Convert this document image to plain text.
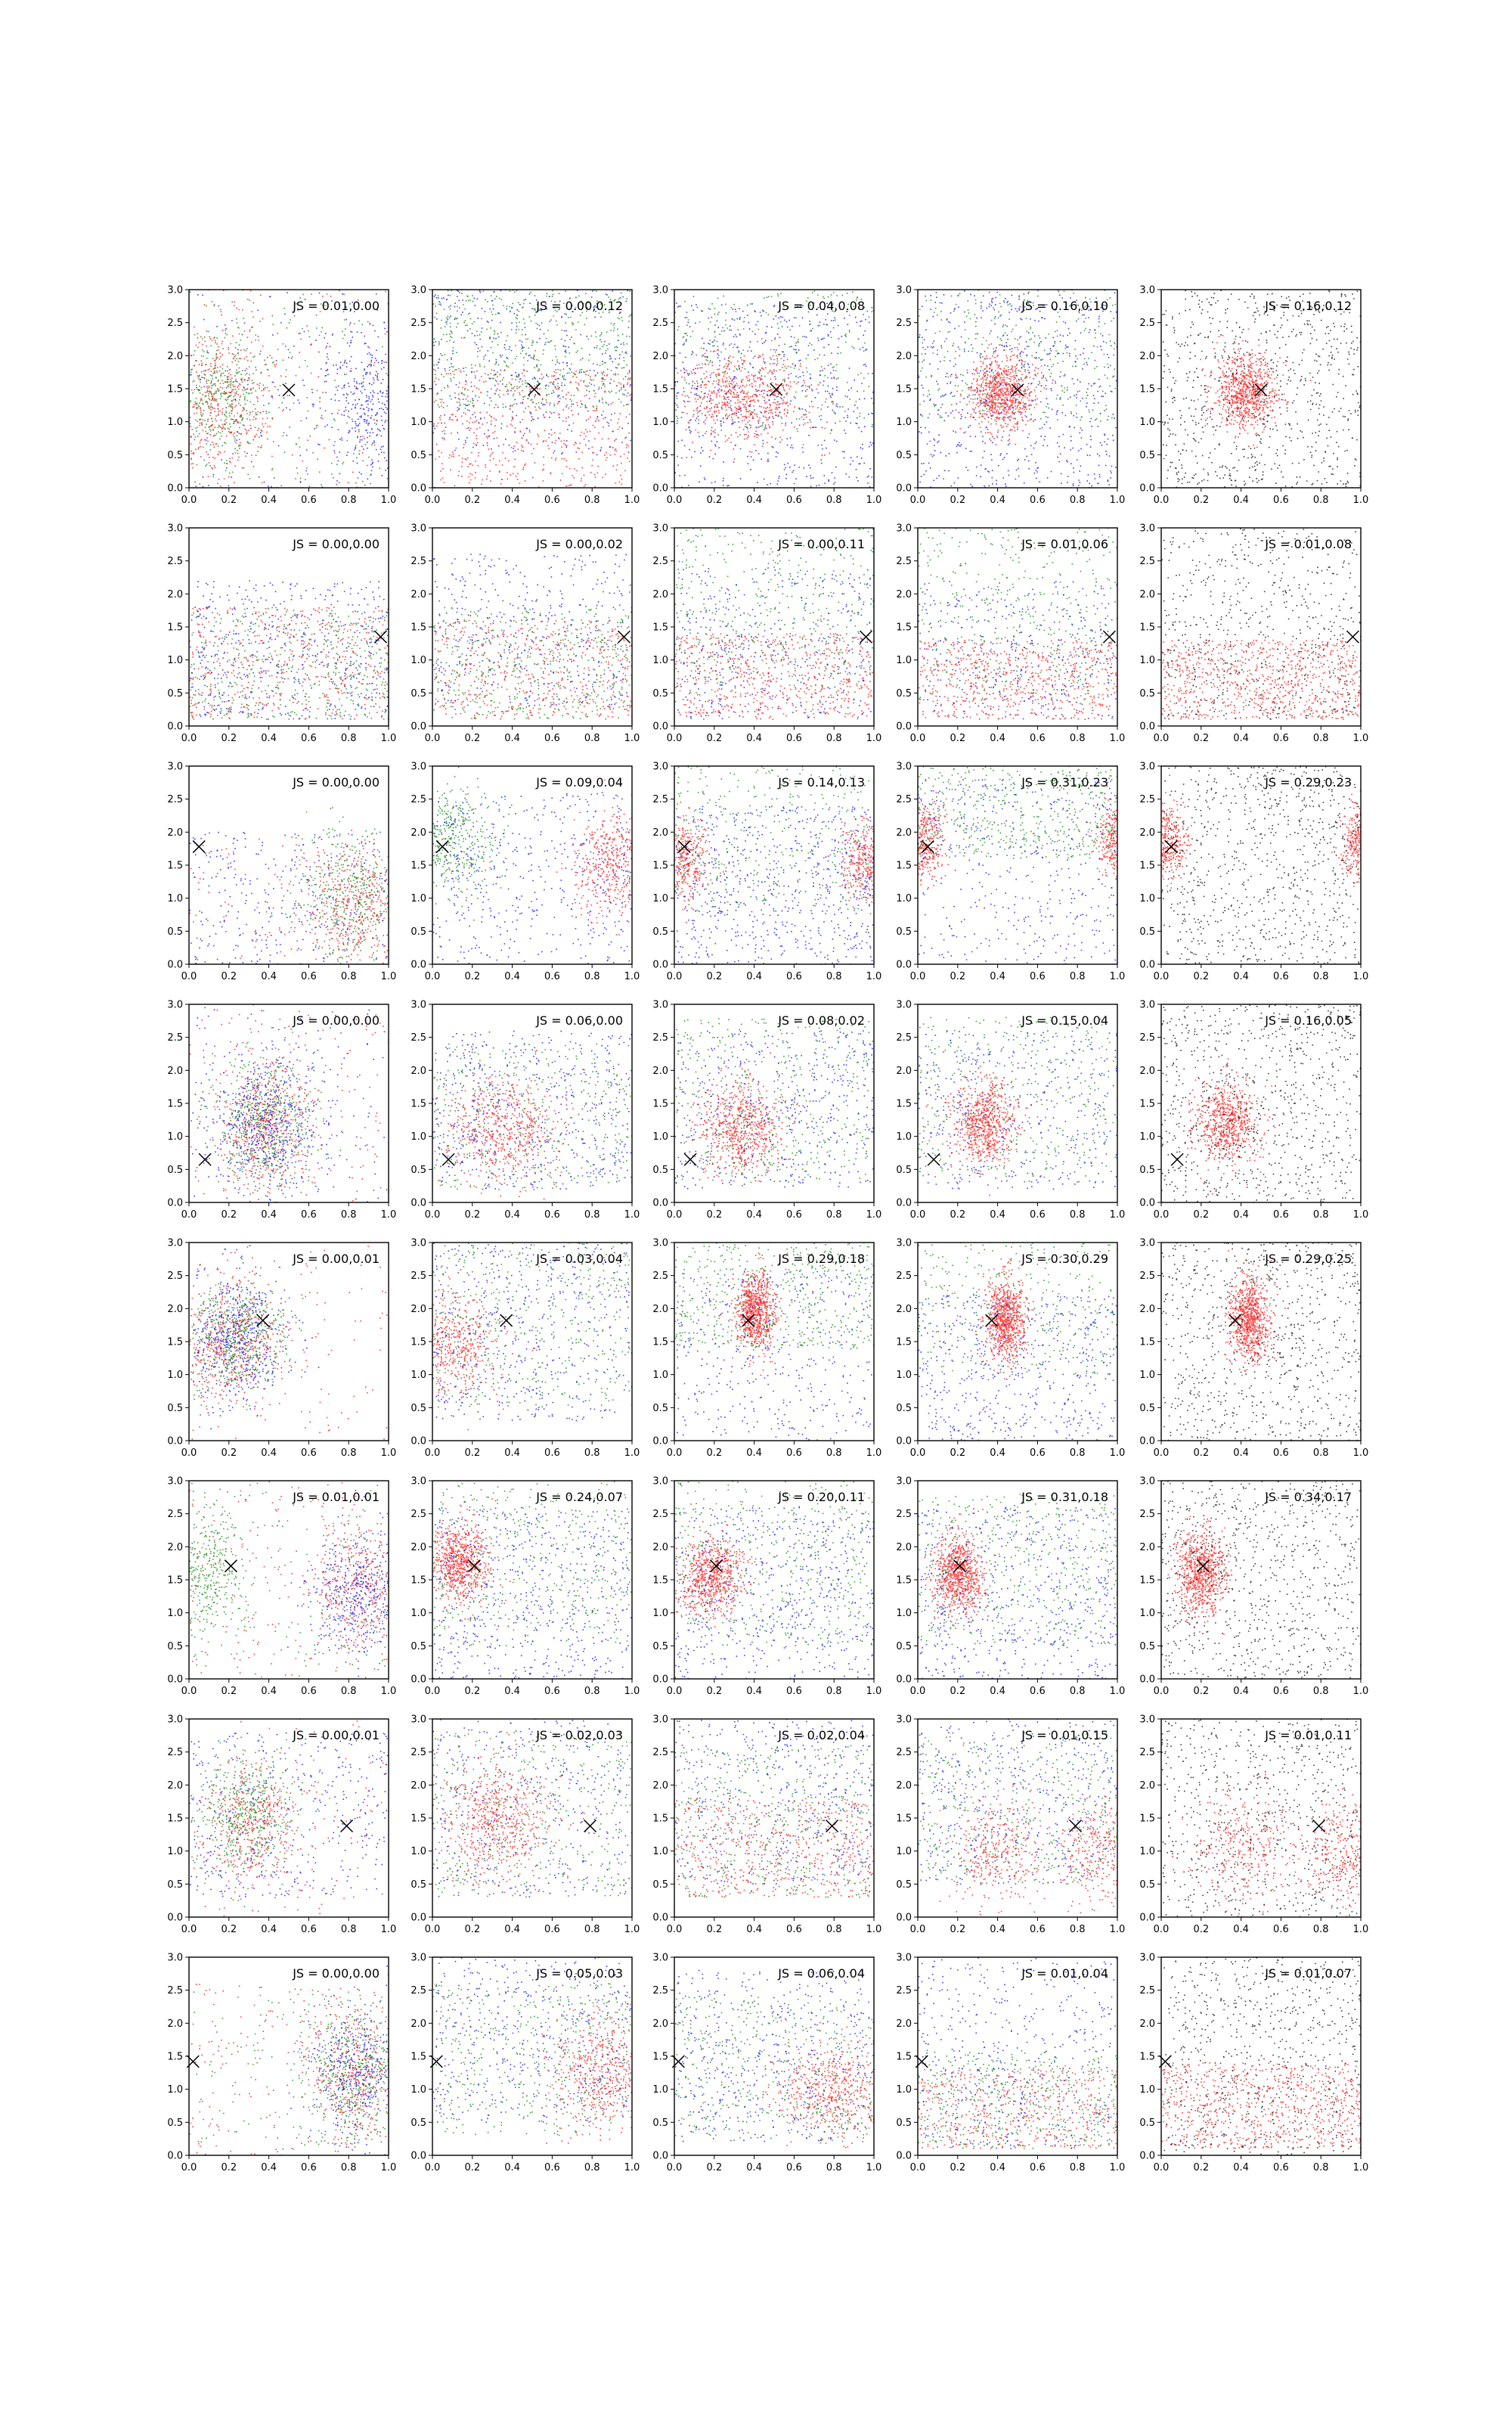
0.0 0.2 0.4 0.6 0.8 1.0
0.0
0.5
1.0
1.5
2.0
2.5
3.0
JS = 0.01,0.00
0.0 0.2 0.4 0.6 0.8 1.0
0.0
0.5
1.0
1.5
2.0
2.5
3.0
JS = 0.00,0.12
0.0 0.2 0.4 0.6 0.8 1.0
0.0
0.5
1.0
1.5
2.0
2.5
3.0
JS = 0.04,0.08
0.0 0.2 0.4 0.6 0.8 1.0
0.0
0.5
1.0
1.5
2.0
2.5
3.0
JS = 0.16,0.10
0.0 0.2 0.4 0.6 0.8 1.0
0.0
0.5
1.0
1.5
2.0
2.5
3.0
JS = 0.16,0.12
0.0 0.2 0.4 0.6 0.8 1.0
0.0
0.5
1.0
1.5
2.0
2.5
3.0
JS = 0.00,0.00
0.0 0.2 0.4 0.6 0.8 1.0
0.0
0.5
1.0
1.5
2.0
2.5
3.0
JS = 0.00,0.02
0.0 0.2 0.4 0.6 0.8 1.0
0.0
0.5
1.0
1.5
2.0
2.5
3.0
JS = 0.00,0.11
0.0 0.2 0.4 0.6 0.8 1.0
0.0
0.5
1.0
1.5
2.0
2.5
3.0
JS = 0.01,0.06
0.0 0.2 0.4 0.6 0.8 1.0
0.0
0.5
1.0
1.5
2.0
2.5
3.0
JS = 0.01,0.08
0.0 0.2 0.4 0.6 0.8 1.0
0.0
0.5
1.0
1.5
2.0
2.5
3.0
JS = 0.00,0.00
0.0 0.2 0.4 0.6 0.8 1.0
0.0
0.5
1.0
1.5
2.0
2.5
3.0
JS = 0.09,0.04
0.0 0.2 0.4 0.6 0.8 1.0
0.0
0.5
1.0
1.5
2.0
2.5
3.0
JS = 0.14,0.13
0.0 0.2 0.4 0.6 0.8 1.0
0.0
0.5
1.0
1.5
2.0
2.5
3.0
JS = 0.31,0.23
0.0 0.2 0.4 0.6 0.8 1.0
0.0
0.5
1.0
1.5
2.0
2.5
3.0
JS = 0.29,0.23
0.0 0.2 0.4 0.6 0.8 1.0
0.0
0.5
1.0
1.5
2.0
2.5
3.0
JS = 0.00,0.00
0.0 0.2 0.4 0.6 0.8 1.0
0.0
0.5
1.0
1.5
2.0
2.5
3.0
JS = 0.06,0.00
0.0 0.2 0.4 0.6 0.8 1.0
0.0
0.5
1.0
1.5
2.0
2.5
3.0
JS = 0.08,0.02
0.0 0.2 0.4 0.6 0.8 1.0
0.0
0.5
1.0
1.5
2.0
2.5
3.0
JS = 0.15,0.04
0.0 0.2 0.4 0.6 0.8 1.0
0.0
0.5
1.0
1.5
2.0
2.5
3.0
JS = 0.16,0.05
0.0 0.2 0.4 0.6 0.8 1.0
0.0
0.5
1.0
1.5
2.0
2.5
3.0
JS = 0.00,0.01
0.0 0.2 0.4 0.6 0.8 1.0
0.0
0.5
1.0
1.5
2.0
2.5
3.0
JS = 0.03,0.04
0.0 0.2 0.4 0.6 0.8 1.0
0.0
0.5
1.0
1.5
2.0
2.5
3.0
JS = 0.29,0.18
0.0 0.2 0.4 0.6 0.8 1.0
0.0
0.5
1.0
1.5
2.0
2.5
3.0
JS = 0.30,0.29
0.0 0.2 0.4 0.6 0.8 1.0
0.0
0.5
1.0
1.5
2.0
2.5
3.0
JS = 0.29,0.25
0.0 0.2 0.4 0.6 0.8 1.0
0.0
0.5
1.0
1.5
2.0
2.5
3.0
JS = 0.01,0.01
0.0 0.2 0.4 0.6 0.8 1.0
0.0
0.5
1.0
1.5
2.0
2.5
3.0
JS = 0.24,0.07
0.0 0.2 0.4 0.6 0.8 1.0
0.0
0.5
1.0
1.5
2.0
2.5
3.0
JS = 0.20,0.11
0.0 0.2 0.4 0.6 0.8 1.0
0.0
0.5
1.0
1.5
2.0
2.5
3.0
JS = 0.31,0.18
0.0 0.2 0.4 0.6 0.8 1.0
0.0
0.5
1.0
1.5
2.0
2.5
3.0
JS = 0.34,0.17
0.0 0.2 0.4 0.6 0.8 1.0
0.0
0.5
1.0
1.5
2.0
2.5
3.0
JS = 0.00,0.01
0.0 0.2 0.4 0.6 0.8 1.0
0.0
0.5
1.0
1.5
2.0
2.5
3.0
JS = 0.02,0.03
0.0 0.2 0.4 0.6 0.8 1.0
0.0
0.5
1.0
1.5
2.0
2.5
3.0
JS = 0.02,0.04
0.0 0.2 0.4 0.6 0.8 1.0
0.0
0.5
1.0
1.5
2.0
2.5
3.0
JS = 0.01,0.15
0.0 0.2 0.4 0.6 0.8 1.0
0.0
0.5
1.0
1.5
2.0
2.5
3.0
JS = 0.01,0.11
0.0 0.2 0.4 0.6 0.8 1.0
0.0
0.5
1.0
1.5
2.0
2.5
3.0
JS = 0.00,0.00
0.0 0.2 0.4 0.6 0.8 1.0
0.0
0.5
1.0
1.5
2.0
2.5
3.0
JS = 0.05,0.03
0.0 0.2 0.4 0.6 0.8 1.0
0.0
0.5
1.0
1.5
2.0
2.5
3.0
JS = 0.06,0.04
0.0 0.2 0.4 0.6 0.8 1.0
0.0
0.5
1.0
1.5
2.0
2.5
3.0
JS = 0.01,0.04
0.0 0.2 0.4 0.6 0.8 1.0
0.0
0.5
1.0
1.5
2.0
2.5
3.0
JS = 0.01,0.07
